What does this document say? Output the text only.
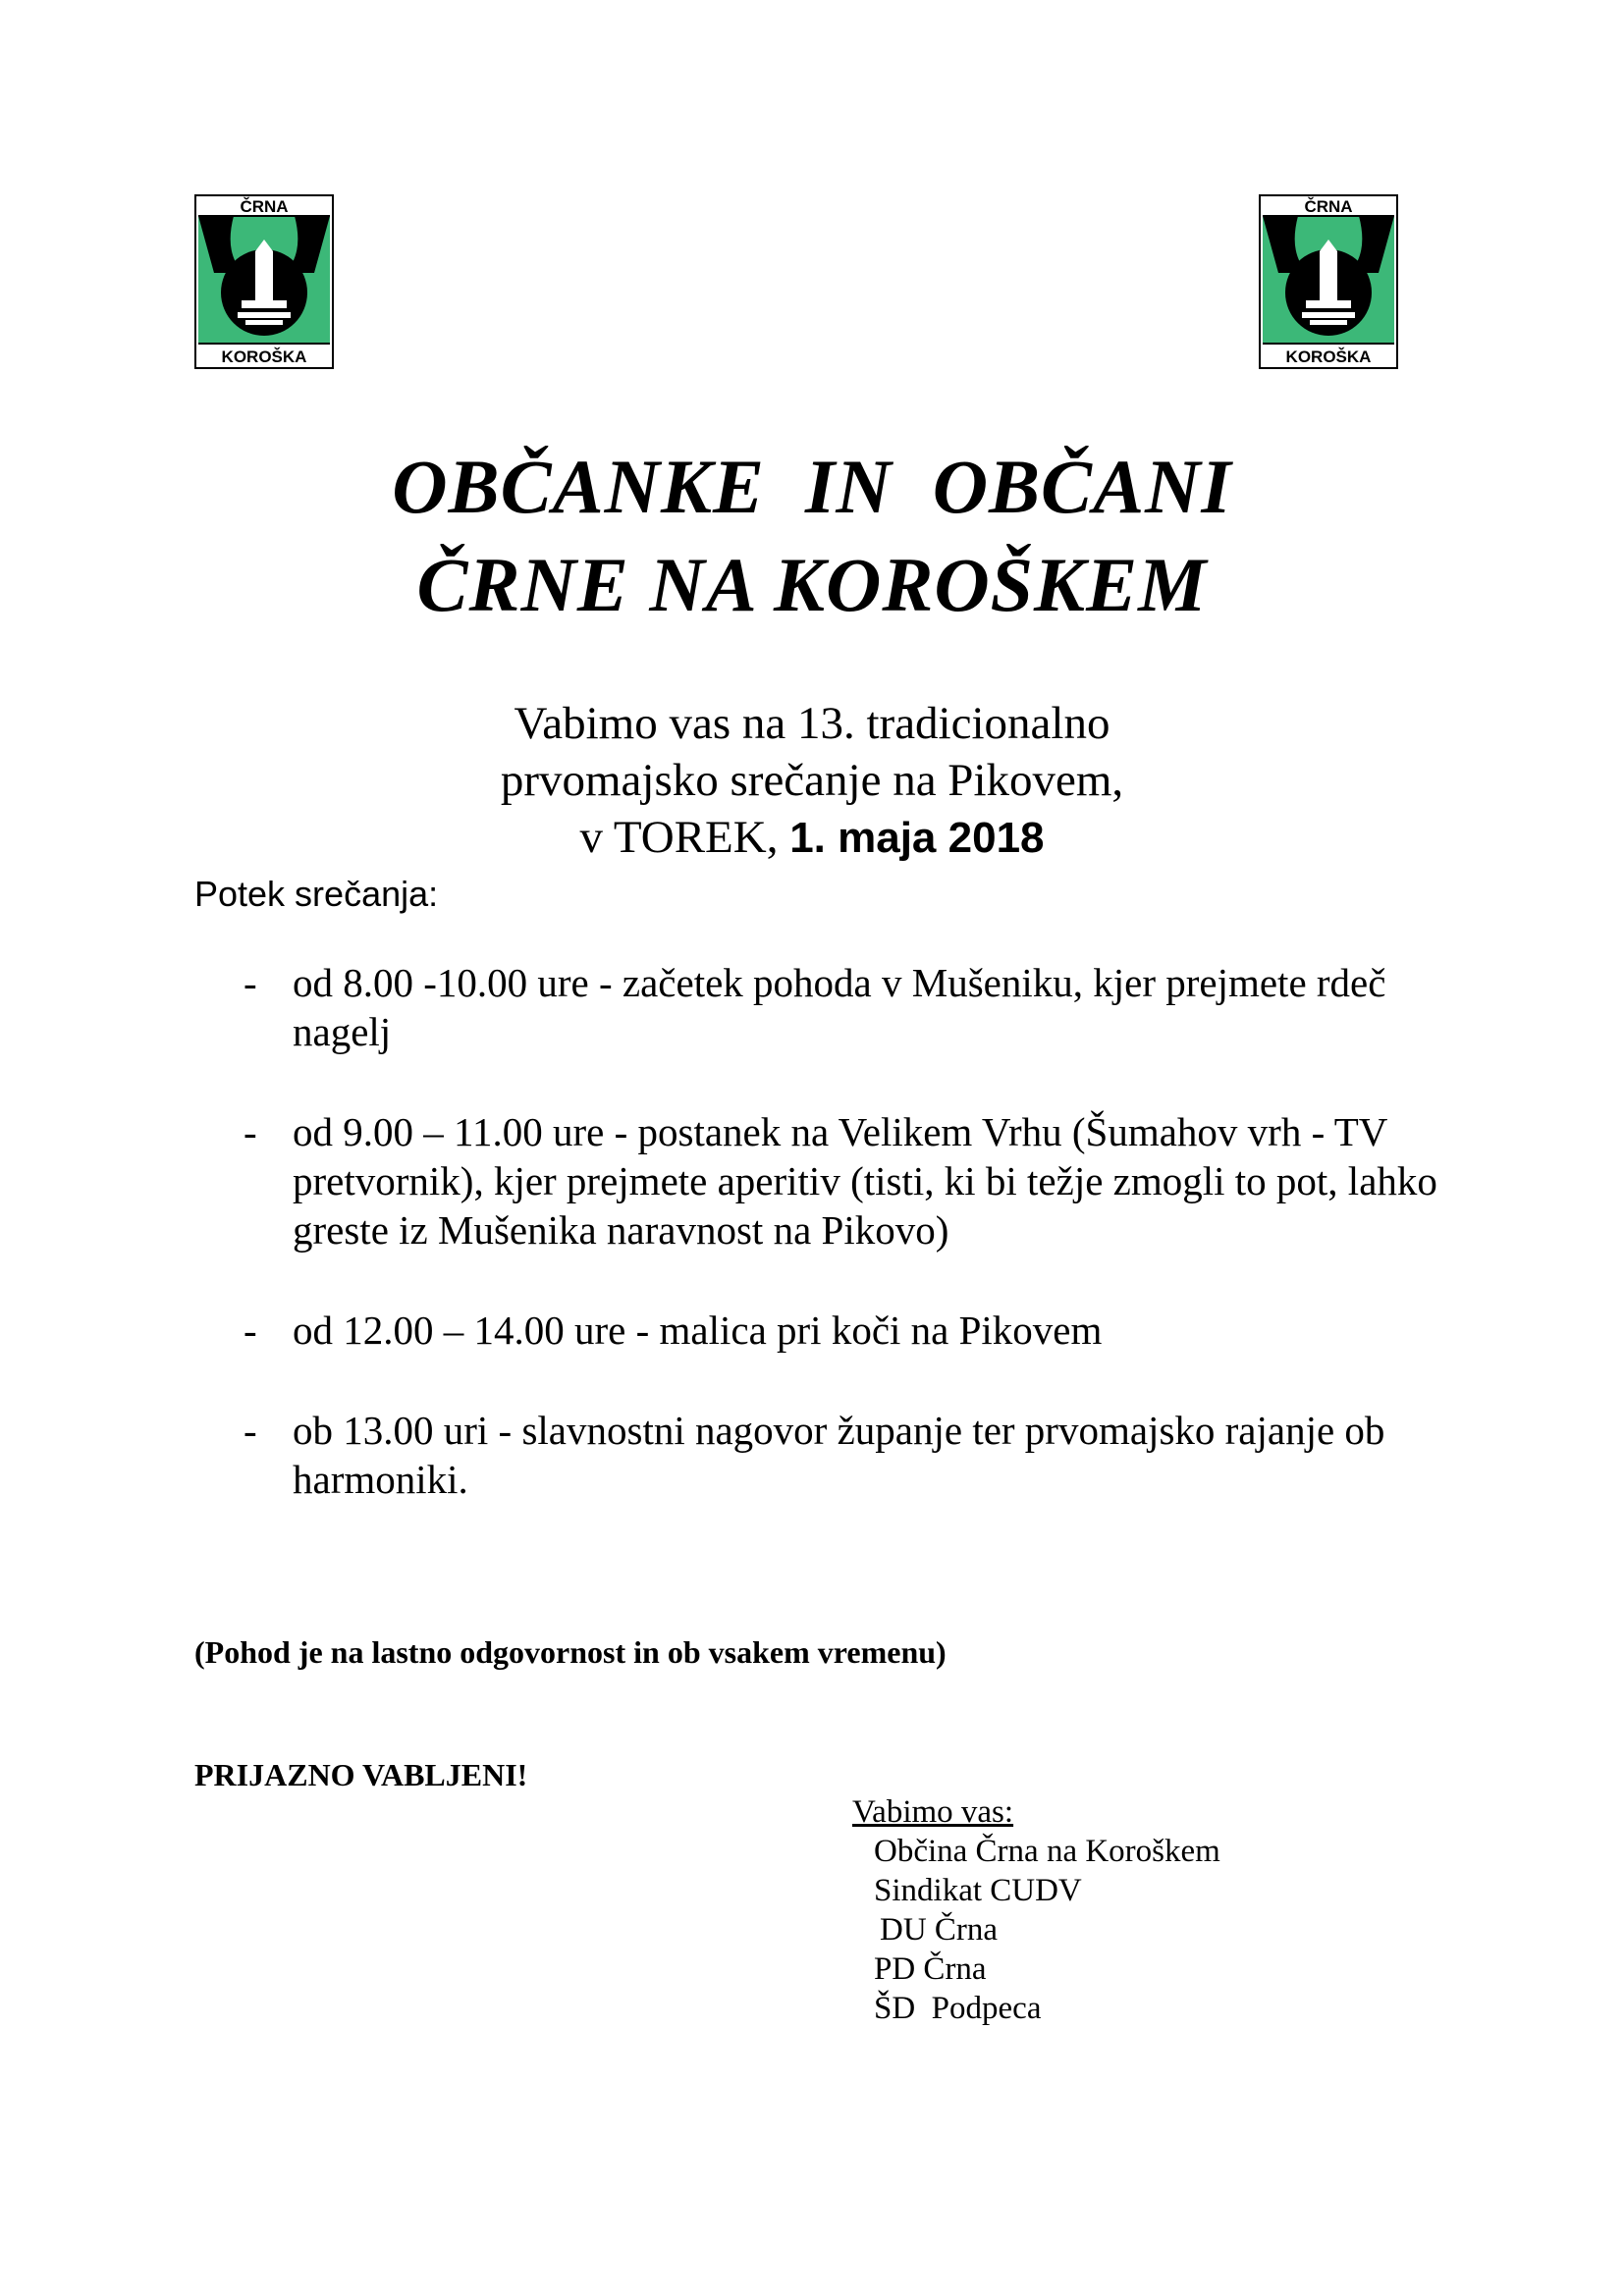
ČRNA
KOROŠKA
ČRNA
KOROŠKA
OBČANKE  IN  OBČANI
ČRNE NA KOROŠKEM
Vabimo vas na 13. tradicionalno
prvomajsko srečanje na Pikovem,
v TOREK, 1. maja 2018
Potek srečanja:
- od 8.00 -10.00 ure - začetek pohoda v Mušeniku, kjer prejmete rdeč nagelj
- od 9.00 – 11.00 ure - postanek na Velikem Vrhu (Šumahov vrh - TV pretvornik), kjer prejmete aperitiv (tisti, ki bi težje zmogli to pot, lahko greste iz Mušenika naravnost na Pikovo)
- od 12.00 – 14.00 ure - malica pri koči na Pikovem
- ob 13.00 uri - slavnostni nagovor županje ter prvomajsko rajanje ob harmoniki.
(Pohod je na lastno odgovornost in ob vsakem vremenu)
PRIJAZNO VABLJENI!
Vabimo vas:
Občina Črna na Koroškem
Sindikat CUDV
DU Črna
PD Črna
ŠD  Podpeca
